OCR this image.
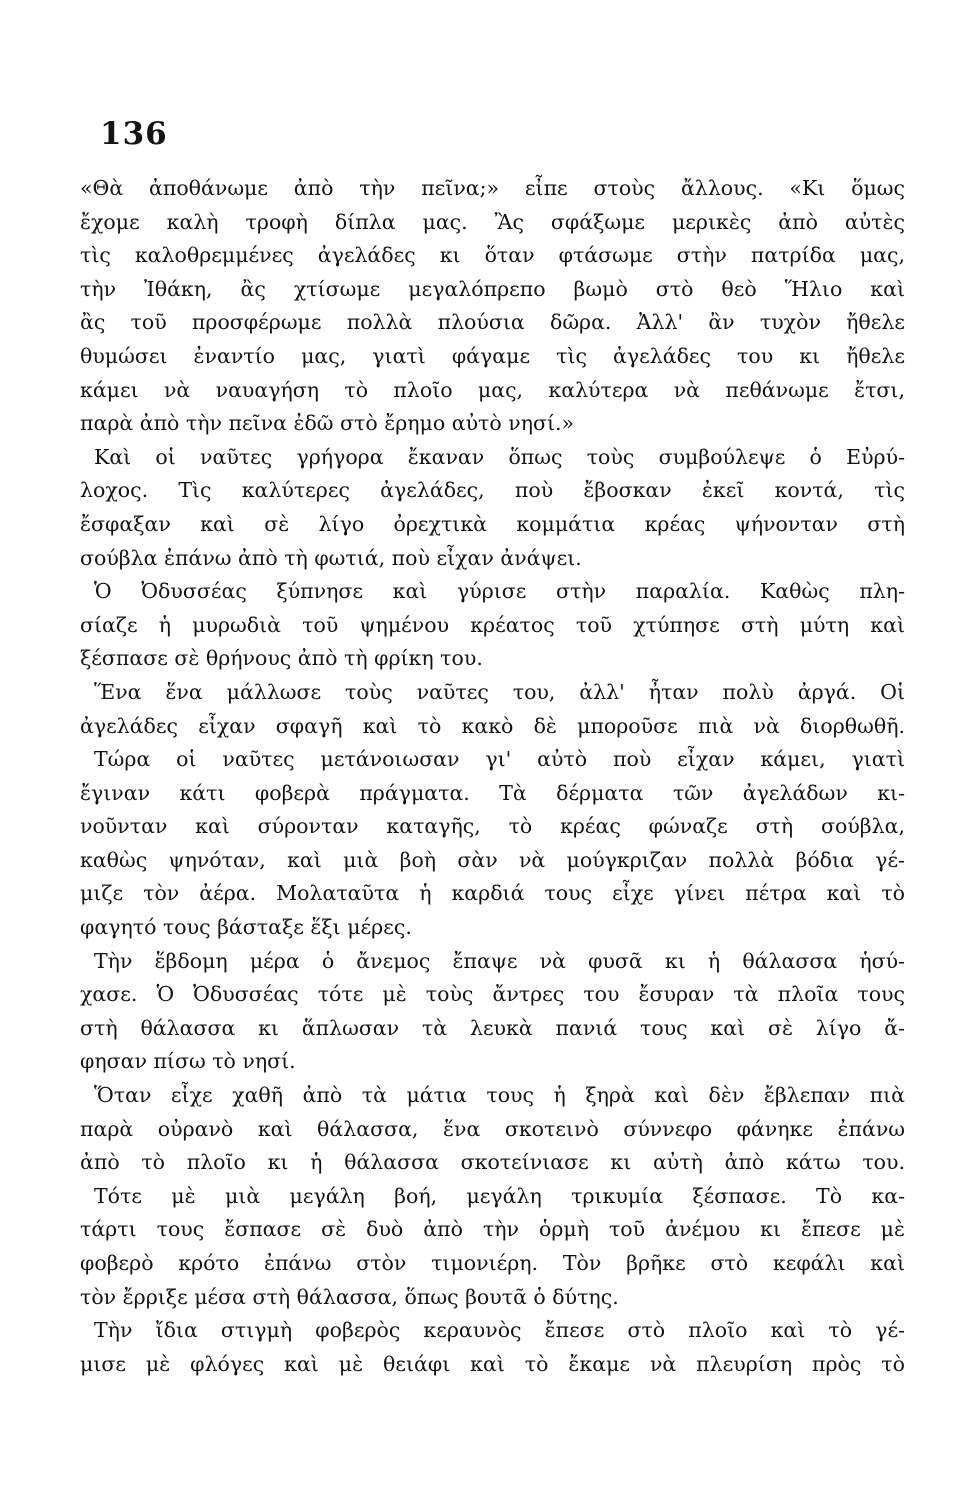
136
«Θὰ ἀποθάνωμε ἀπὸ τὴν πεῖνα;» εἶπε στοὺς ἄλλους. «Κι ὅμως
ἔχομε καλὴ τροφὴ δίπλα μας. Ἂς σφάξωμε μερικὲς ἀπὸ αὐτὲς
τὶς καλοθρεμμένες ἀγελάδες κι ὅταν φτάσωμε στὴν πατρίδα μας,
τὴν Ἰθάκη, ἂς χτίσωμε μεγαλόπρεπο βωμὸ στὸ θεὸ Ἥλιο καὶ
ἂς τοῦ προσφέρωμε πολλὰ πλούσια δῶρα. Ἀλλ' ἂν τυχὸν ἤθελε
θυμώσει ἐναντίο μας, γιατὶ φάγαμε τὶς ἀγελάδες του κι ἤθελε
κάμει νὰ ναυαγήση τὸ πλοῖο μας, καλύτερα νὰ πεθάνωμε ἔτσι,
παρὰ ἀπὸ τὴν πεῖνα ἐδῶ στὸ ἔρημο αὐτὸ νησί.»
Καὶ οἱ ναῦτες γρήγορα ἔκαναν ὅπως τοὺς συμβούλεψε ὁ Εὐρύ-
λοχος. Τὶς καλύτερες ἀγελάδες, ποὺ ἔβοσκαν ἐκεῖ κοντά, τὶς
ἔσφαξαν καὶ σὲ λίγο ὀρεχτικὰ κομμάτια κρέας ψήνονταν στὴ
σούβλα ἐπάνω ἀπὸ τὴ φωτιά, ποὺ εἶχαν ἀνάψει.
Ὁ Ὀδυσσέας ξύπνησε καὶ γύρισε στὴν παραλία. Καθὼς πλη-
σίαζε ἡ μυρωδιὰ τοῦ ψημένου κρέατος τοῦ χτύπησε στὴ μύτη καὶ
ξέσπασε σὲ θρήνους ἀπὸ τὴ φρίκη του.
Ἕνα ἕνα μάλλωσε τοὺς ναῦτες του, ἀλλ' ἦταν πολὺ ἀργά. Οἱ
ἀγελάδες εἶχαν σφαγῆ καὶ τὸ κακὸ δὲ μποροῦσε πιὰ νὰ διορθωθῆ.
Τώρα οἱ ναῦτες μετάνοιωσαν γι' αὐτὸ ποὺ εἶχαν κάμει, γιατὶ
ἔγιναν κάτι φοβερὰ πράγματα. Τὰ δέρματα τῶν ἀγελάδων κι-
νοῦνταν καὶ σύρονταν καταγῆς, τὸ κρέας φώναζε στὴ σούβλα,
καθὼς ψηνόταν, καὶ μιὰ βοὴ σὰν νὰ μούγκριζαν πολλὰ βόδια γέ-
μιζε τὸν ἀέρα. Μολαταῦτα ἡ καρδιά τους εἶχε γίνει πέτρα καὶ τὸ
φαγητό τους βάσταξε ἕξι μέρες.
Τὴν ἕβδομη μέρα ὁ ἄνεμος ἔπαψε νὰ φυσᾶ κι ἡ θάλασσα ἡσύ-
χασε. Ὁ Ὀδυσσέας τότε μὲ τοὺς ἄντρες του ἔσυραν τὰ πλοῖα τους
στὴ θάλασσα κι ἅπλωσαν τὰ λευκὰ πανιά τους καὶ σὲ λίγο ἄ-
φησαν πίσω τὸ νησί.
Ὅταν εἶχε χαθῆ ἀπὸ τὰ μάτια τους ἡ ξηρὰ καὶ δὲν ἔβλεπαν πιὰ
παρὰ οὐρανὸ καὶ θάλασσα, ἕνα σκοτεινὸ σύννεφο φάνηκε ἐπάνω
ἀπὸ τὸ πλοῖο κι ἡ θάλασσα σκοτείνιασε κι αὐτὴ ἀπὸ κάτω του.
Τότε μὲ μιὰ μεγάλη βοή, μεγάλη τρικυμία ξέσπασε. Τὸ κα-
τάρτι τους ἔσπασε σὲ δυὸ ἀπὸ τὴν ὁρμὴ τοῦ ἀνέμου κι ἔπεσε μὲ
φοβερὸ κρότο ἐπάνω στὸν τιμονιέρη. Τὸν βρῆκε στὸ κεφάλι καὶ
τὸν ἔρριξε μέσα στὴ θάλασσα, ὅπως βουτᾶ ὁ δύτης.
Τὴν ἴδια στιγμὴ φοβερὸς κεραυνὸς ἔπεσε στὸ πλοῖο καὶ τὸ γέ-
μισε μὲ φλόγες καὶ μὲ θειάφι καὶ τὸ ἔκαμε νὰ πλευρίση πρὸς τὸ
